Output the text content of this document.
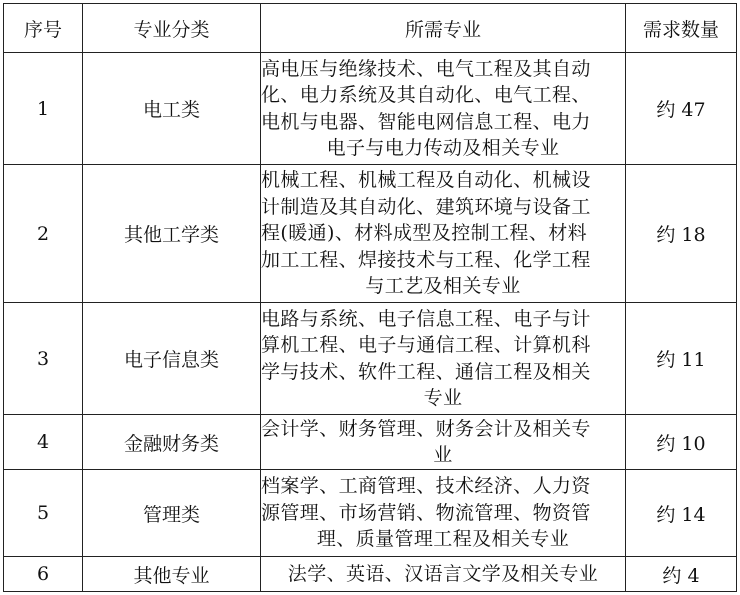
序号	专业分类	所需专业	需求数量
1	电工类	高电压与绝缘技术、电气工程及其自动
化、电力系统及其自动化、电气工程、
电机与电器、智能电网信息工程、电力
电子与电力传动及相关专业	约 47
2	其他工学类	机械工程、机械工程及自动化、机械设
计制造及其自动化、建筑环境与设备工
程(暖通)、材料成型及控制工程、材料
加工工程、焊接技术与工程、化学工程
与工艺及相关专业	约 18
3	电子信息类	电路与系统、电子信息工程、电子与计
算机工程、电子与通信工程、计算机科
学与技术、软件工程、通信工程及相关
专业	约 11
4	金融财务类	会计学、财务管理、财务会计及相关专
业	约 10
5	管理类	档案学、工商管理、技术经济、人力资
源管理、市场营销、物流管理、物资管
理、质量管理工程及相关专业	约 14
6	其他专业	法学、英语、汉语言文学及相关专业	约 4
